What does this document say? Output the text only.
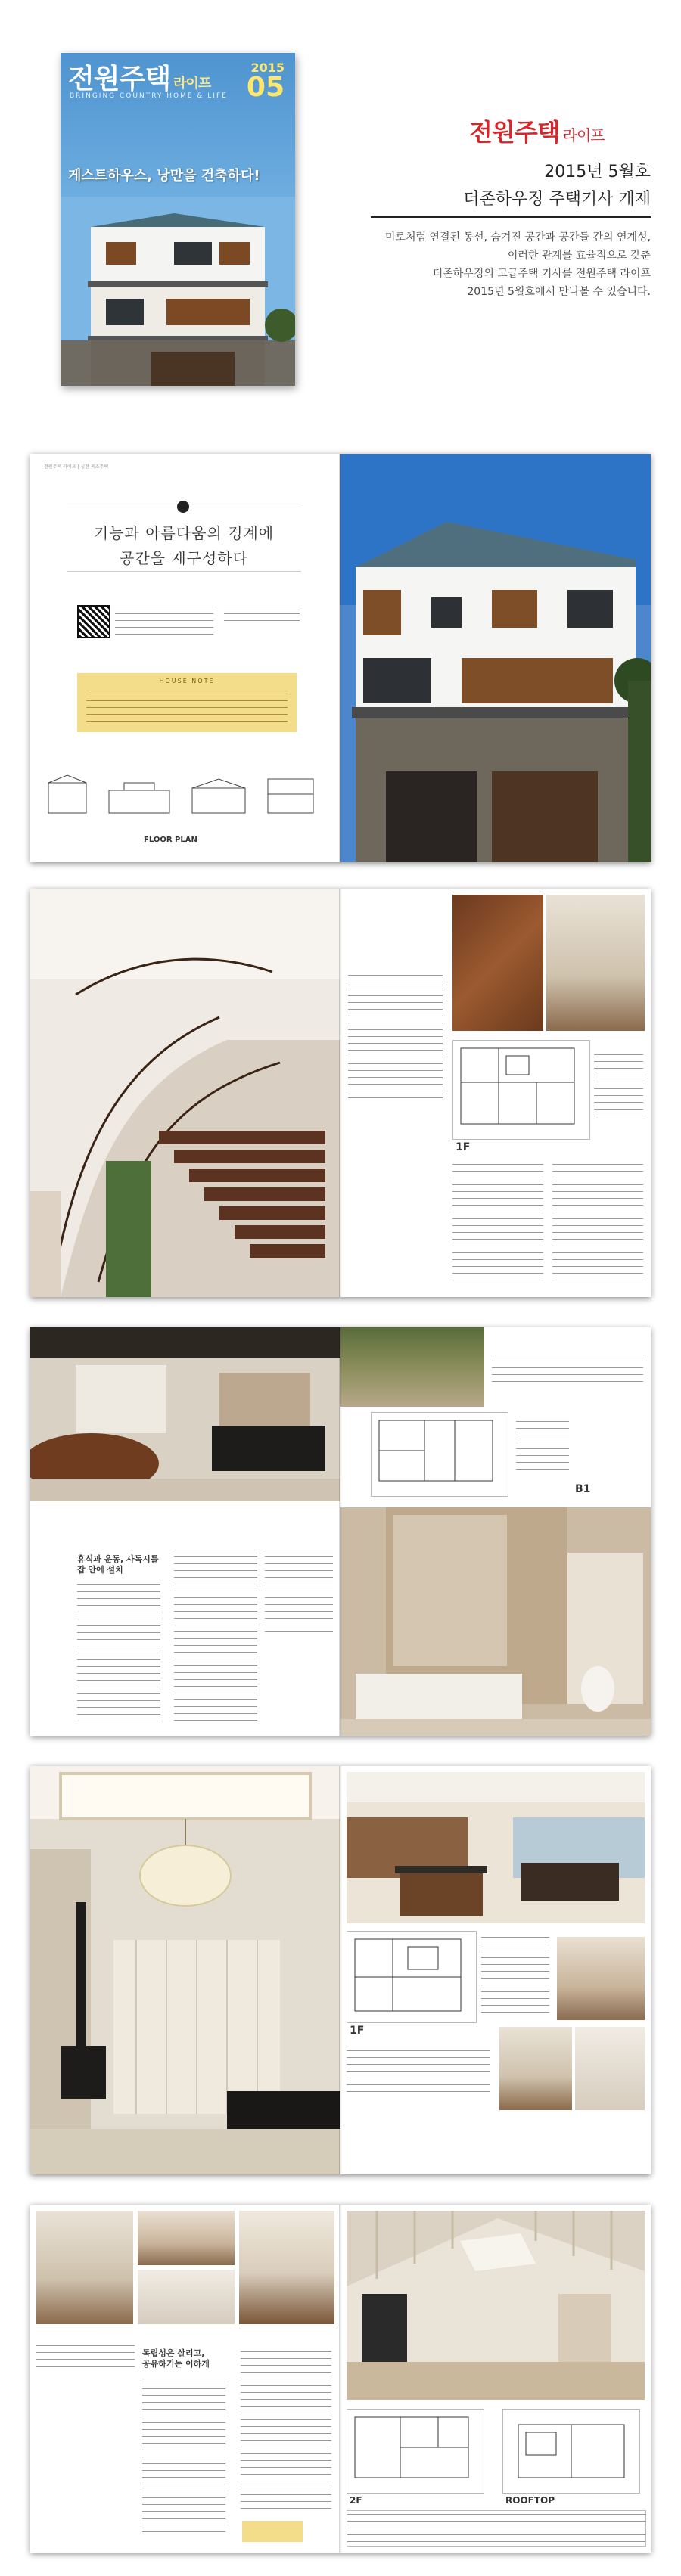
전원주택 라이프
2015
05
BRINGING COUNTRY HOME & LIFE
게스트하우스, 낭만을 건축하다!
전원주택 라이프
2015년 5월호
더존하우징 주택기사 개재
미로처럼 연결된 동선, 숨겨진 공간과 공간들 간의 연계성,
이러한 관계를 효율적으로 갖춘
더존하우징의 고급주택 기사를 전원주택 라이프
2015년 5월호에서 만나볼 수 있습니다.
전원주택 라이프 | 실전 목조주택
기능과 아름다움의 경계에
공간을 재구성하다
HOUSE NOTE
FLOOR PLAN
1F
휴식과 운동, 사독시를
잡 안에 설치
B1
1F
독립성은 살리고,
공유하기는 이하게
2F	ROOFTOP
